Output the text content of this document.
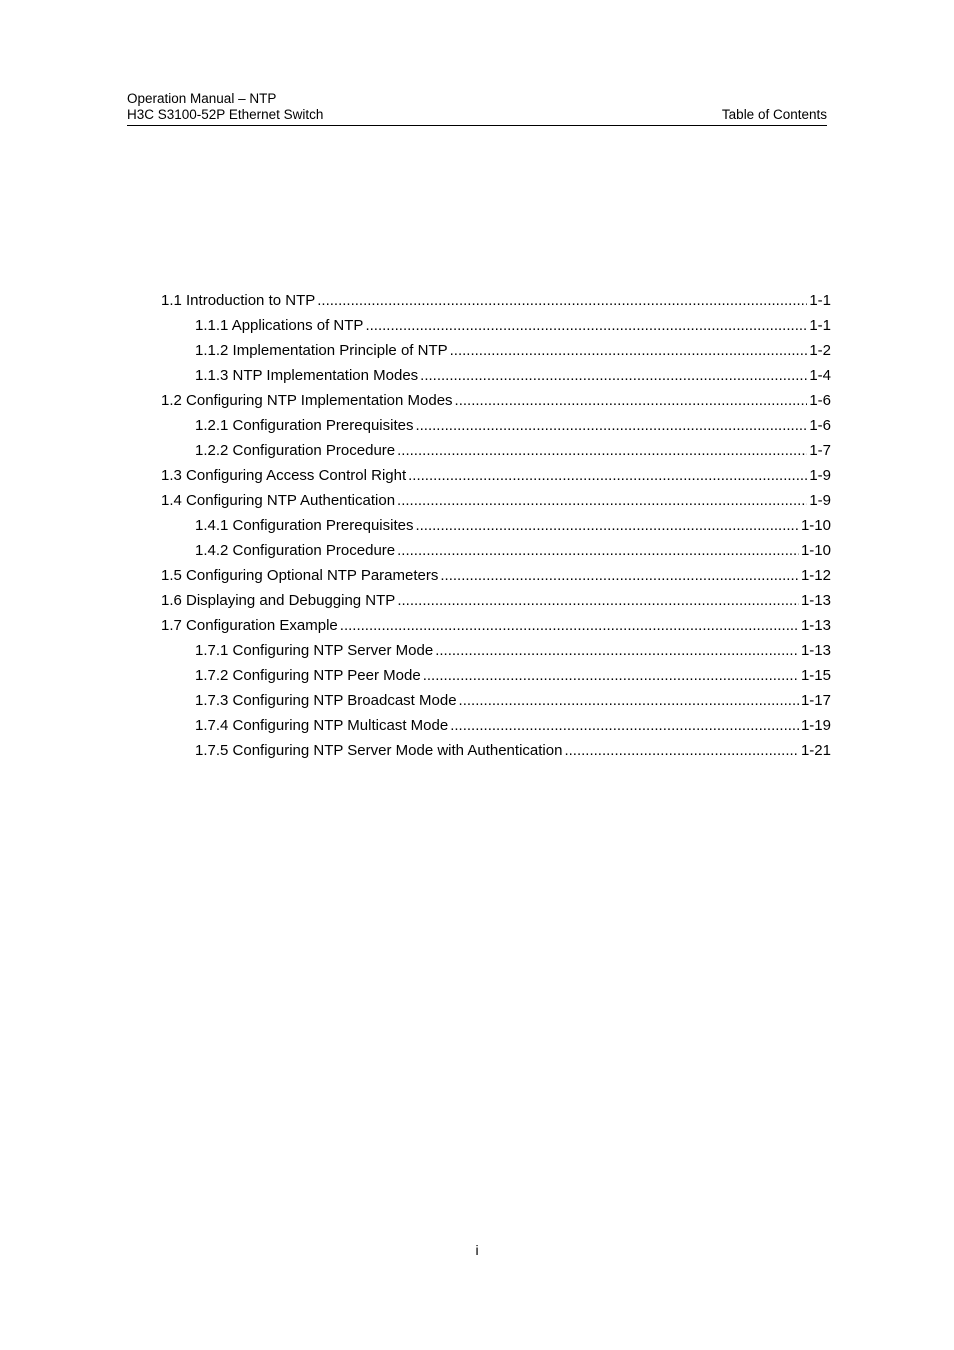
Operation Manual – NTP
H3C S3100-52P Ethernet Switch	Table of Contents
1.1 Introduction to NTP .....	1-1
1.1.1 Applications of NTP .....	1-1
1.1.2 Implementation Principle of NTP .....	1-2
1.1.3 NTP Implementation Modes .....	1-4
1.2 Configuring NTP Implementation Modes .....	1-6
1.2.1 Configuration Prerequisites .....	1-6
1.2.2 Configuration Procedure .....	1-7
1.3 Configuring Access Control Right .....	1-9
1.4 Configuring NTP Authentication .....	1-9
1.4.1 Configuration Prerequisites .....	1-10
1.4.2 Configuration Procedure .....	1-10
1.5 Configuring Optional NTP Parameters .....	1-12
1.6 Displaying and Debugging NTP .....	1-13
1.7 Configuration Example .....	1-13
1.7.1 Configuring NTP Server Mode .....	1-13
1.7.2 Configuring NTP Peer Mode .....	1-15
1.7.3 Configuring NTP Broadcast Mode .....	1-17
1.7.4 Configuring NTP Multicast Mode .....	1-19
1.7.5 Configuring NTP Server Mode with Authentication .....	1-21
i
